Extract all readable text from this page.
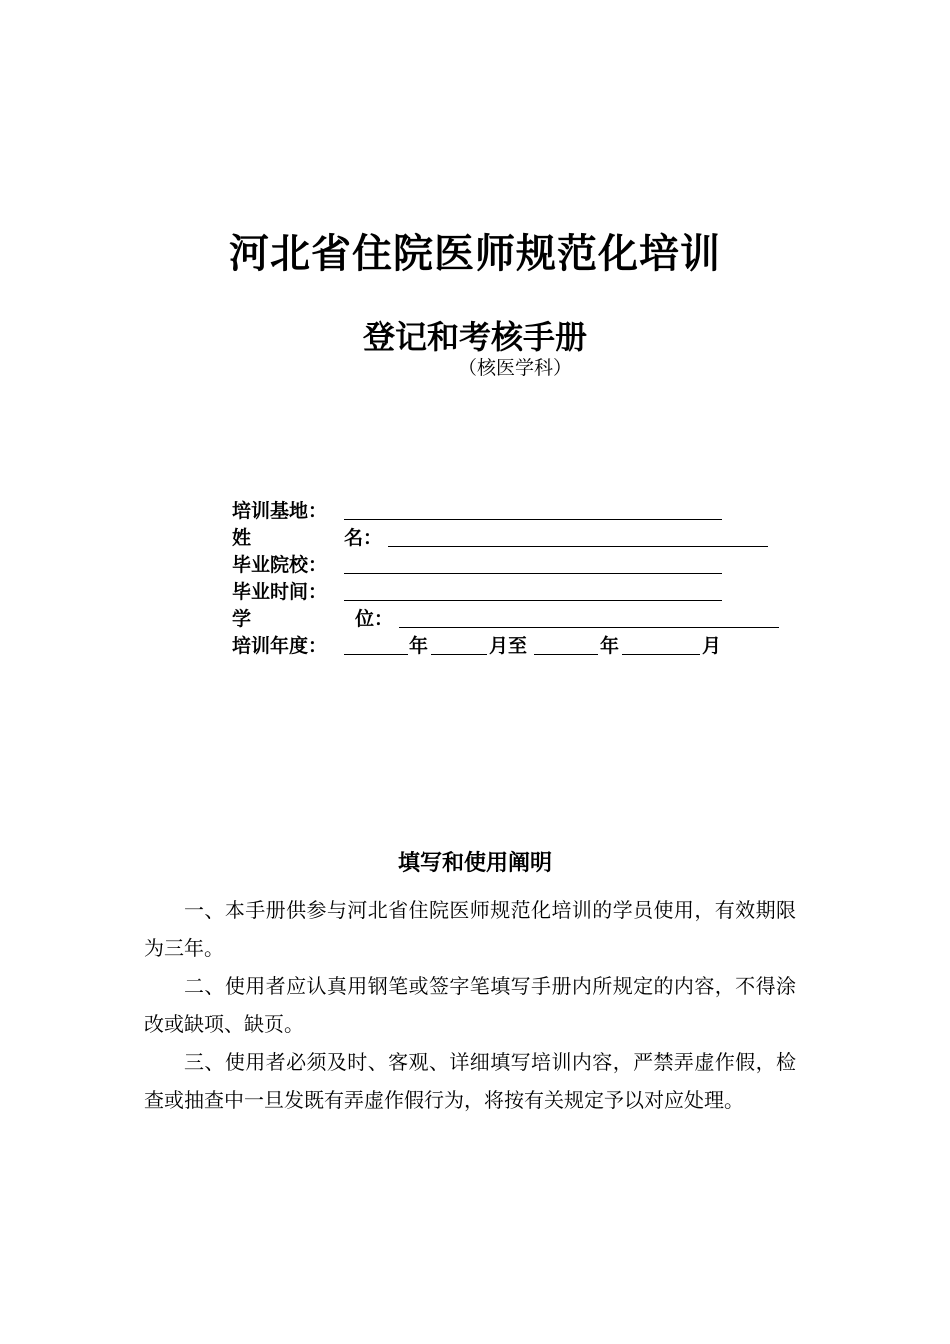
河北省住院医师规范化培训
登记和考核手册
（核医学科）
培训基地：
姓	名：
毕业院校：
毕业时间：
学	位：
培训年度：	年	月至	年	月
填写和使用阐明

一、本手册供参与河北省住院医师规范化培训的学员使用，有效期限为三年。

二、使用者应认真用钢笔或签字笔填写手册内所规定的内容，不得涂改或缺项、缺页。

三、使用者必须及时、客观、详细填写培训内容，严禁弄虚作假，检查或抽查中一旦发既有弄虚作假行为，将按有关规定予以对应处理。
